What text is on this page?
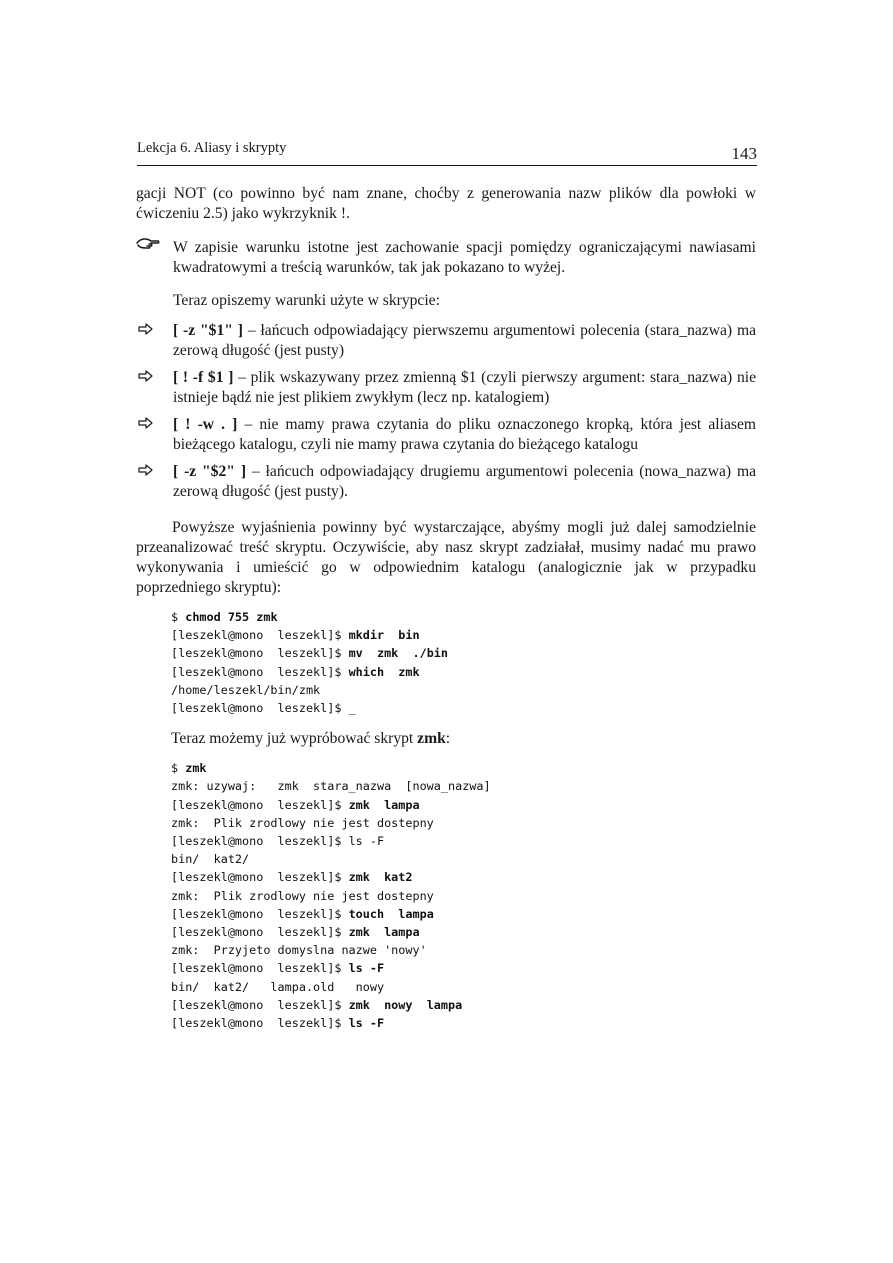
Lekcja 6. Aliasy i skrypty	143

gacji NOT (co powinno być nam znane, choćby z generowania nazw plików dla powłoki w ćwiczeniu 2.5) jako wykrzyknik !.

W zapisie warunku istotne jest zachowanie spacji pomiędzy ograniczającymi nawiasami kwadratowymi a treścią warunków, tak jak pokazano to wyżej.

Teraz opiszemy warunki użyte w skrypcie:

[ -z "$1" ] – łańcuch odpowiadający pierwszemu argumentowi polecenia (stara_nazwa) ma zerową długość (jest pusty)
[ ! -f $1 ] – plik wskazywany przez zmienną $1 (czyli pierwszy argument: stara_nazwa) nie istnieje bądź nie jest plikiem zwykłym (lecz np. katalogiem)
[ ! -w . ] – nie mamy prawa czytania do pliku oznaczonego kropką, która jest aliasem bieżącego katalogu, czyli nie mamy prawa czytania do bieżącego katalogu
[ -z "$2" ] – łańcuch odpowiadający drugiemu argumentowi polecenia (nowa_nazwa) ma zerową długość (jest pusty).

Powyższe wyjaśnienia powinny być wystarczające, abyśmy mogli już dalej samodzielnie przeanalizować treść skryptu. Oczywiście, aby nasz skrypt zadziałał, musimy nadać mu prawo wykonywania i umieścić go w odpowiednim katalogu (analogicznie jak w przypadku poprzedniego skryptu):

$ chmod 755 zmk
[leszekl@mono  leszekl]$ mkdir  bin
[leszekl@mono  leszekl]$ mv  zmk  ./bin
[leszekl@mono  leszekl]$ which  zmk
/home/leszekl/bin/zmk
[leszekl@mono  leszekl]$ _

Teraz możemy już wypróbować skrypt zmk:

$ zmk
zmk: uzywaj:   zmk  stara_nazwa  [nowa_nazwa]
[leszekl@mono  leszekl]$ zmk  lampa
zmk:  Plik zrodlowy nie jest dostepny
[leszekl@mono  leszekl]$ ls -F
bin/  kat2/
[leszekl@mono  leszekl]$ zmk  kat2
zmk:  Plik zrodlowy nie jest dostepny
[leszekl@mono  leszekl]$ touch  lampa
[leszekl@mono  leszekl]$ zmk  lampa
zmk:  Przyjeto domyslna nazwe 'nowy'
[leszekl@mono  leszekl]$ ls -F
bin/  kat2/   lampa.old   nowy
[leszekl@mono  leszekl]$ zmk  nowy  lampa
[leszekl@mono  leszekl]$ ls -F
